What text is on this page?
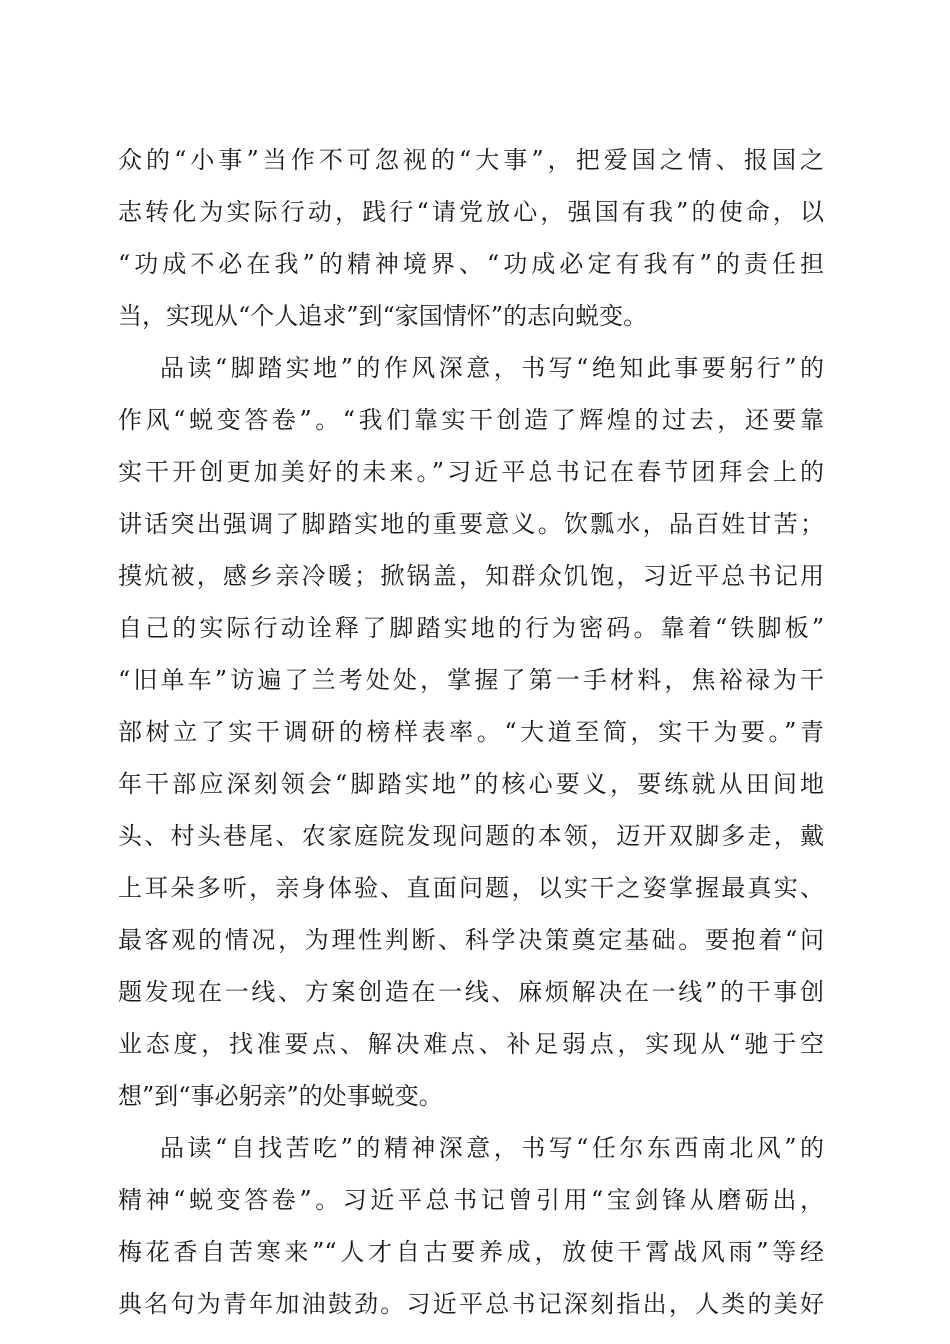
众的“小事”当作不可忽视的“大事”，把爱国之情、报国之
志转化为实际行动，践行“请党放心，强国有我”的使命，以
“功成不必在我”的精神境界、“功成必定有我有”的责任担
当，实现从“个人追求”到“家国情怀”的志向蜕变。
品读“脚踏实地”的作风深意，书写“绝知此事要躬行”的
作风“蜕变答卷”。“我们靠实干创造了辉煌的过去，还要靠
实干开创更加美好的未来。”习近平总书记在春节团拜会上的
讲话突出强调了脚踏实地的重要意义。饮瓢水，品百姓甘苦；
摸炕被，感乡亲冷暖；掀锅盖，知群众饥饱，习近平总书记用
自己的实际行动诠释了脚踏实地的行为密码。靠着“铁脚板”
“旧单车”访遍了兰考处处，掌握了第一手材料，焦裕禄为干
部树立了实干调研的榜样表率。“大道至简，实干为要。”青
年干部应深刻领会“脚踏实地”的核心要义，要练就从田间地
头、村头巷尾、农家庭院发现问题的本领，迈开双脚多走，戴
上耳朵多听，亲身体验、直面问题，以实干之姿掌握最真实、
最客观的情况，为理性判断、科学决策奠定基础。要抱着“问
题发现在一线、方案创造在一线、麻烦解决在一线”的干事创
业态度，找准要点、解决难点、补足弱点，实现从“驰于空
想”到“事必躬亲”的处事蜕变。
品读“自找苦吃”的精神深意，书写“任尔东西南北风”的
精神“蜕变答卷”。习近平总书记曾引用“宝剑锋从磨砺出，
梅花香自苦寒来”“人才自古要养成，放使干霄战风雨”等经
典名句为青年加油鼓劲。习近平总书记深刻指出，人类的美好
